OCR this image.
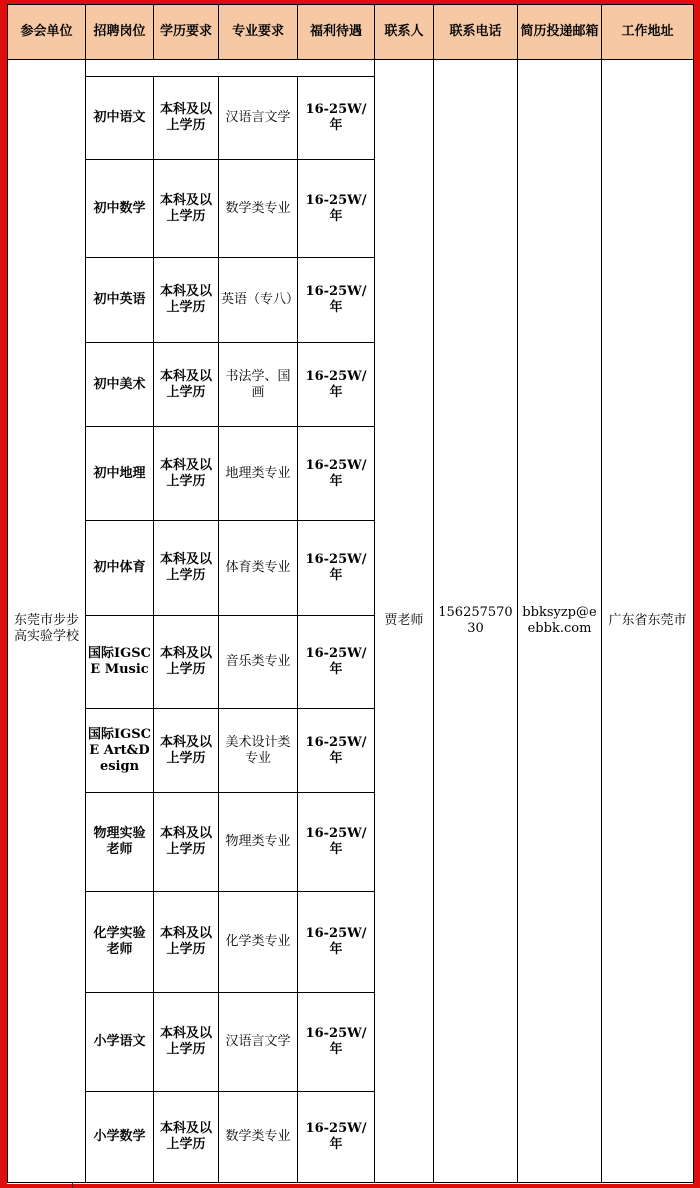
参会单位	招聘岗位	学历要求	专业要求	福利待遇	联系人	联系电话	简历投递邮箱	工作地址
					贾老师	15625757030	bbksyzp@eebbk.com	广东省东莞市
东莞市步步高实验学校	初中语文	本科及以上学历	汉语言文学	16-25W/年				
	初中数学	本科及以上学历	数学类专业	16-25W/年				
	初中英语	本科及以上学历	英语（专八）	16-25W/年				
	初中美术	本科及以上学历	书法学、国画	16-25W/年				
	初中地理	本科及以上学历	地理类专业	16-25W/年				
	初中体育	本科及以上学历	体育类专业	16-25W/年				
	国际IGSCE Music	本科及以上学历	音乐类专业	16-25W/年				
	国际IGSCE Art&Design	本科及以上学历	美术设计类专业	16-25W/年				
	物理实验老师	本科及以上学历	物理类专业	16-25W/年				
	化学实验老师	本科及以上学历	化学类专业	16-25W/年				
	小学语文	本科及以上学历	汉语言文学	16-25W/年				
	小学数学	本科及以上学历	数学类专业	16-25W/年				
